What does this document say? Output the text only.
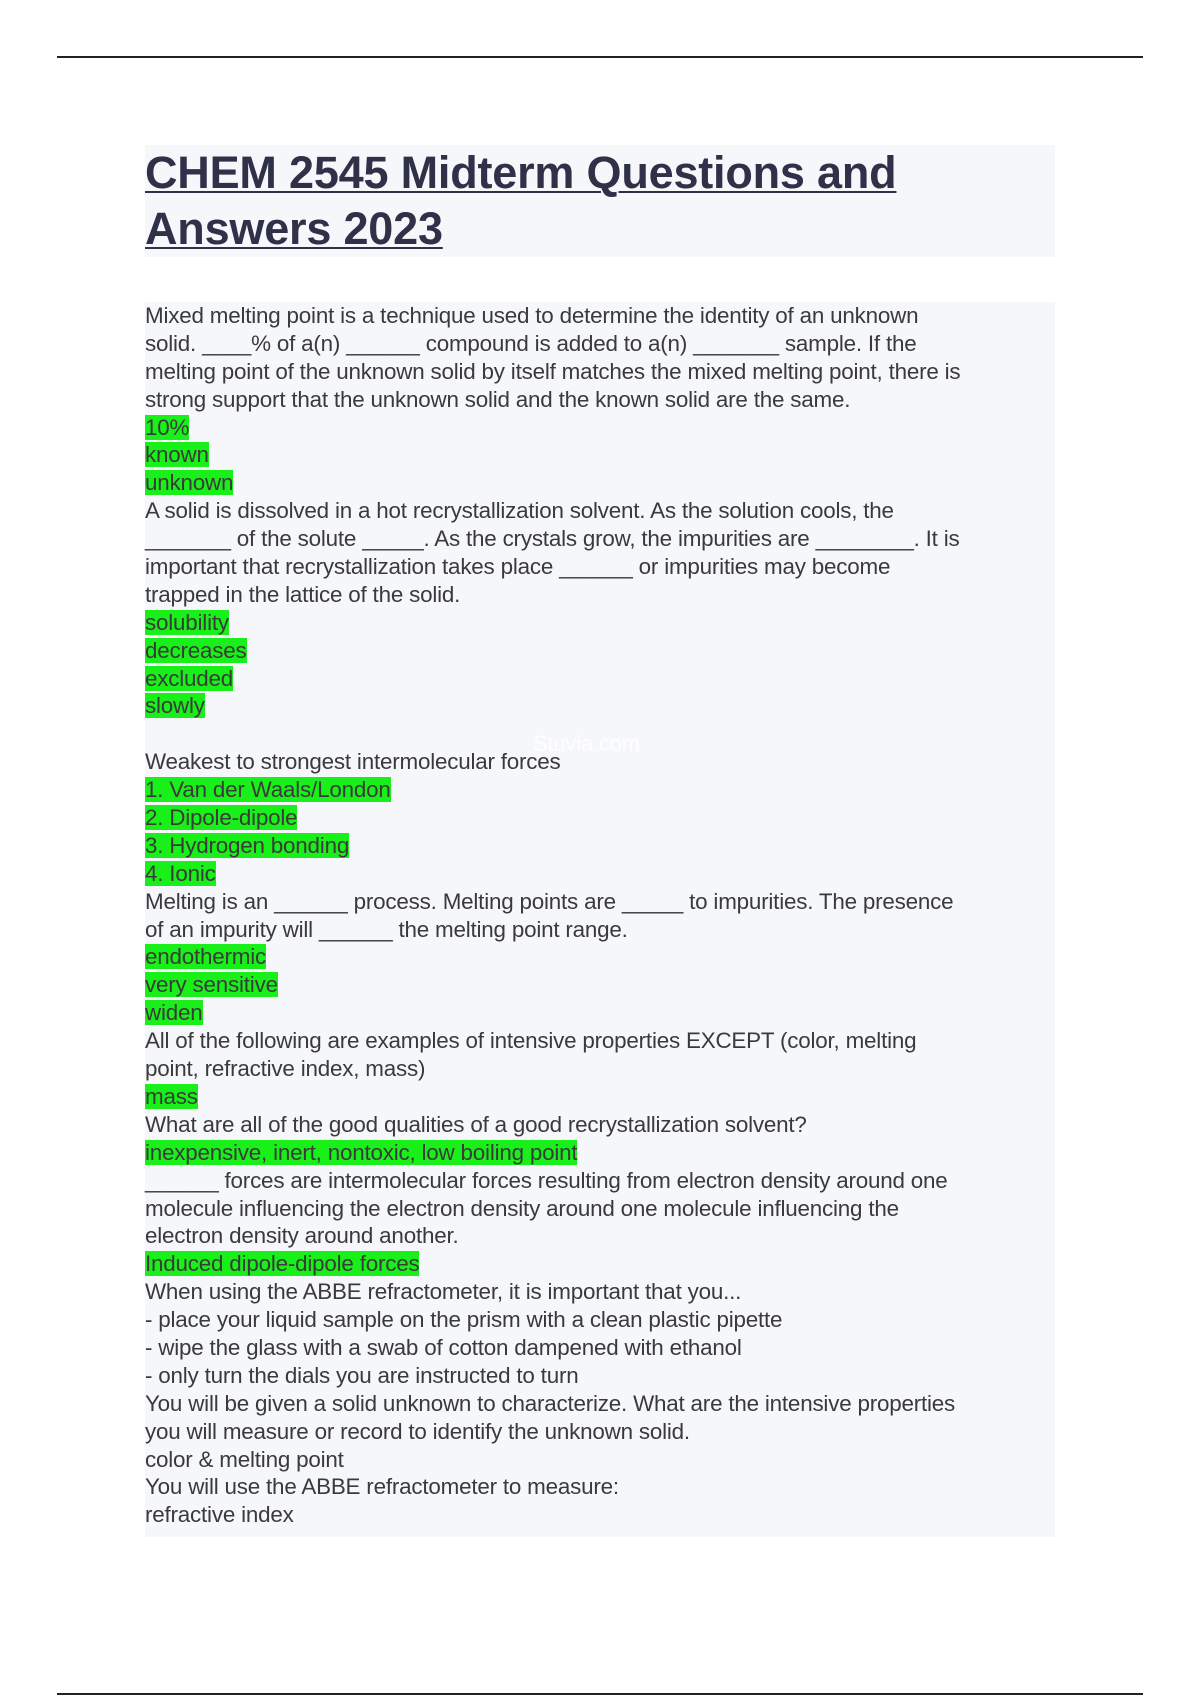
CHEM 2545 Midterm Questions and
Answers 2023
Stuvia.com
Mixed melting point is a technique used to determine the identity of an unknown
solid. ____% of a(n) ______ compound is added to a(n) _______ sample. If the
melting point of the unknown solid by itself matches the mixed melting point, there is
strong support that the unknown solid and the known solid are the same.
10%
known
unknown
A solid is dissolved in a hot recrystallization solvent. As the solution cools, the
_______ of the solute _____. As the crystals grow, the impurities are ________. It is
important that recrystallization takes place ______ or impurities may become
trapped in the lattice of the solid.
solubility
decreases
excluded
slowly
Weakest to strongest intermolecular forces
1. Van der Waals/London
2. Dipole-dipole
3. Hydrogen bonding
4. Ionic
Melting is an ______ process. Melting points are _____ to impurities. The presence
of an impurity will ______ the melting point range.
endothermic
very sensitive
widen
All of the following are examples of intensive properties EXCEPT (color, melting
point, refractive index, mass)
mass
What are all of the good qualities of a good recrystallization solvent?
inexpensive, inert, nontoxic, low boiling point
______ forces are intermolecular forces resulting from electron density around one
molecule influencing the electron density around one molecule influencing the
electron density around another.
Induced dipole-dipole forces
When using the ABBE refractometer, it is important that you...
- place your liquid sample on the prism with a clean plastic pipette
- wipe the glass with a swab of cotton dampened with ethanol
- only turn the dials you are instructed to turn
You will be given a solid unknown to characterize. What are the intensive properties
you will measure or record to identify the unknown solid.
color & melting point
You will use the ABBE refractometer to measure:
refractive index
